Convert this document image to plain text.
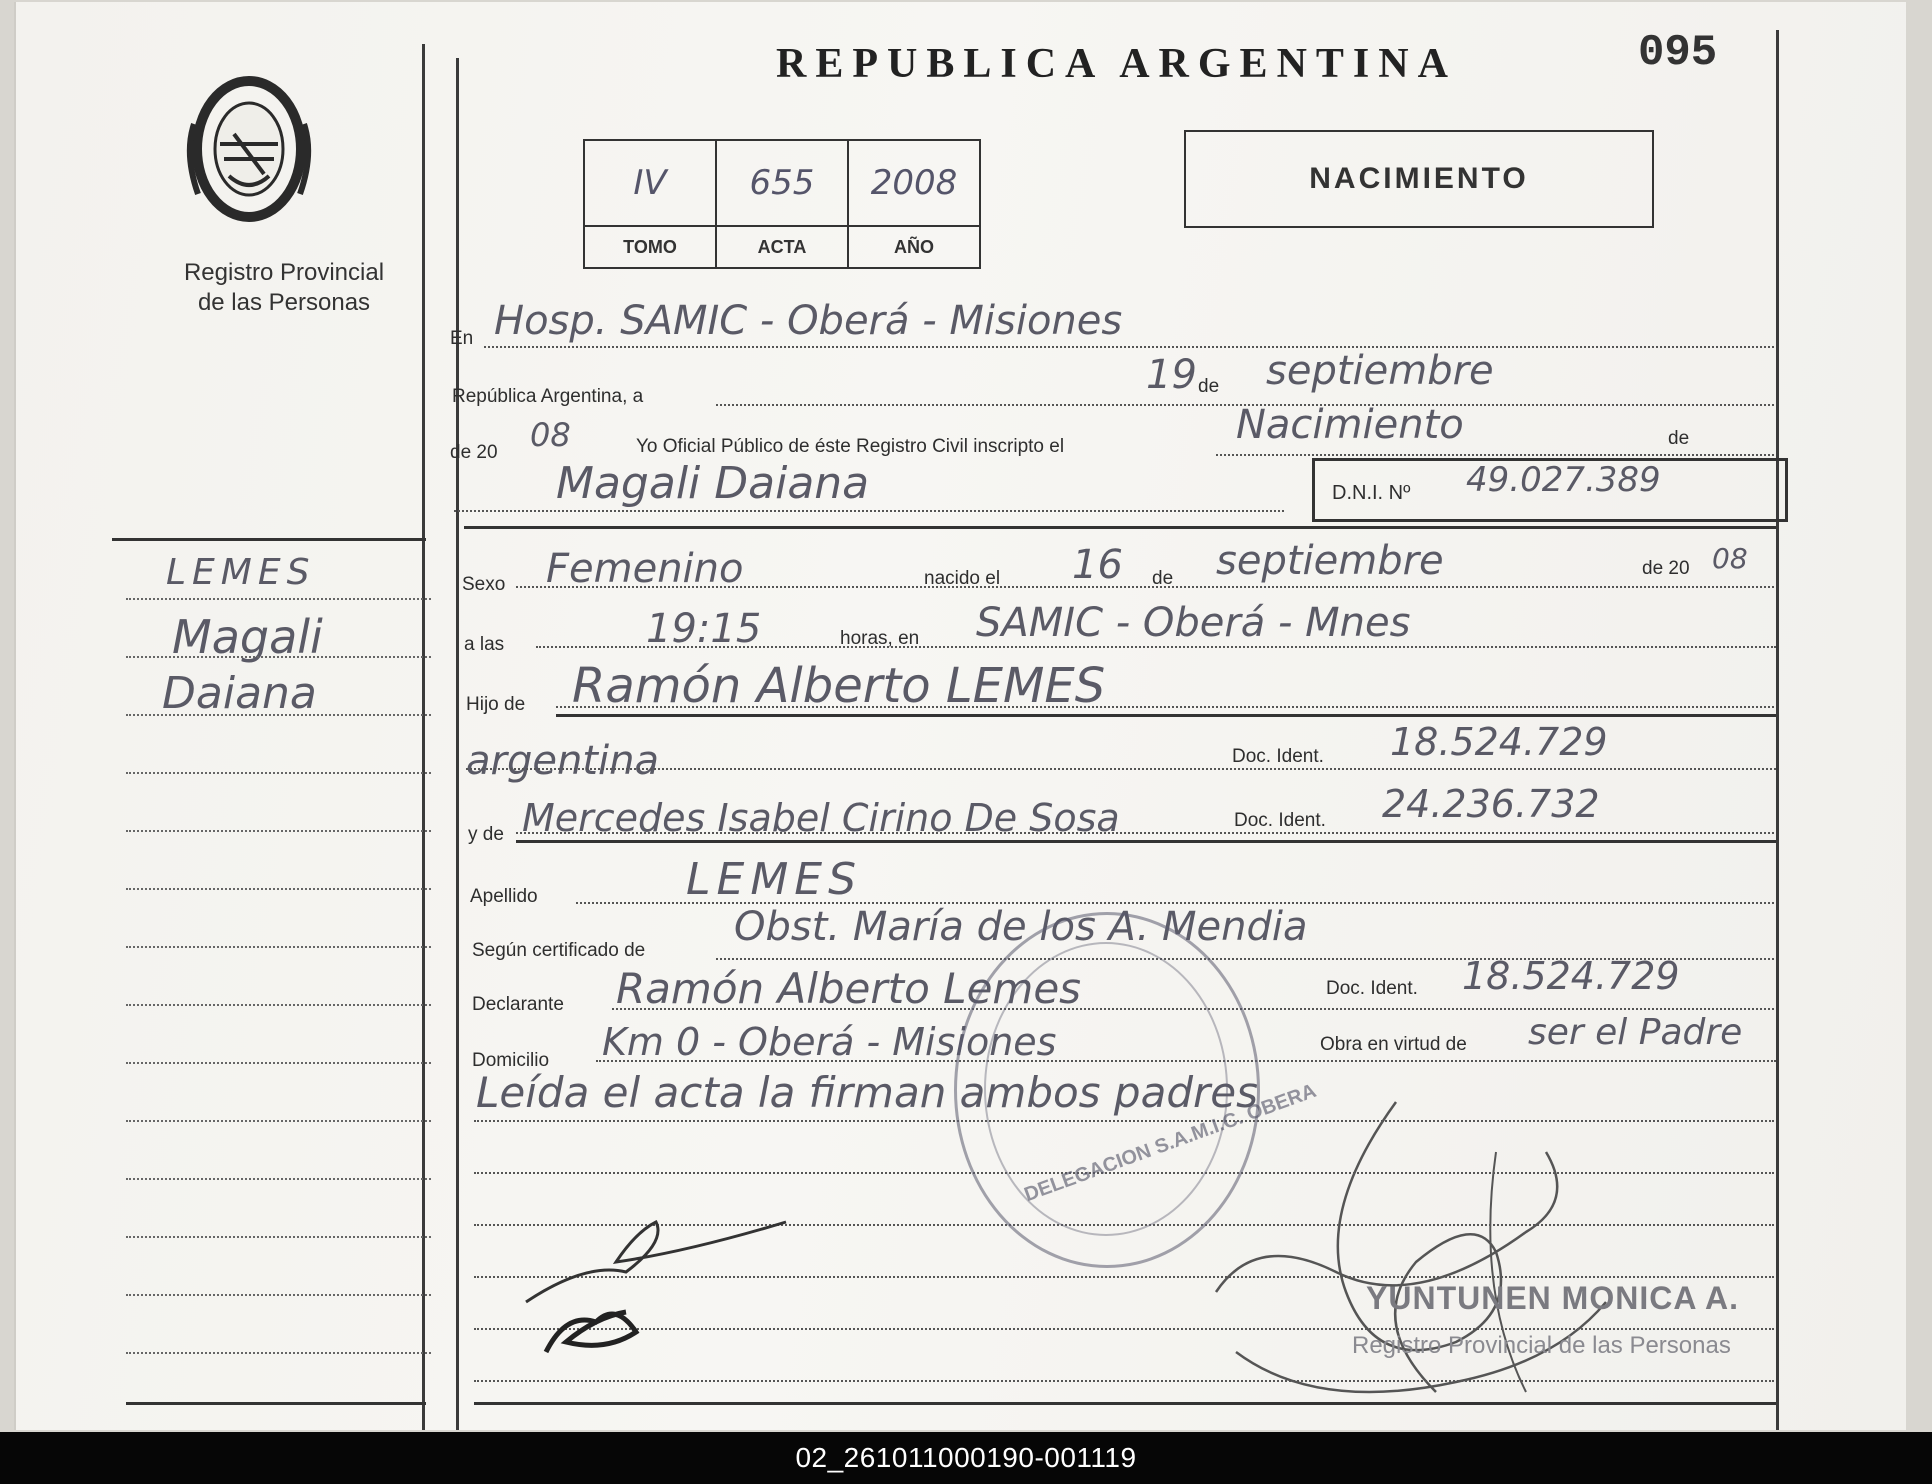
Registro Provincial
de las Personas
REPUBLICA ARGENTINA	095
IV	655	2008
TOMO	ACTA	AÑO
NACIMIENTO
En Hosp. SAMIC - Oberá - Misiones
República Argentina, a	19 de septiembre
de 20 08	Yo Oficial Público de éste Registro Civil inscripto el	Nacimiento	de
Magali Daiana	D.N.I. Nº 49.027.389
Sexo Femenino	nacido el 16 de septiembre	de 20 08
a las	19:15	horas, en SAMIC - Oberá - Mnes
Hijo de Ramón Alberto LEMES
argentina	Doc. Ident. 18.524.729
y de Mercedes Isabel Cirino De Sosa	Doc. Ident. 24.236.732
Apellido	LEMES
Según certificado de
Obst. María de los A. Mendia
Declarante Ramón Alberto Lemes	Doc. Ident. 18.524.729
Domicilio Km 0 - Oberá - Misiones	Obra en virtud de ser el Padre
Leída el acta la firman ambos padres
LEMES
Magali
Daiana
DELEGACION S.A.M.I.C. OBERA
YUNTUNEN MONICA A.
Registro Provincial de las Personas
02_261011000190-001119
